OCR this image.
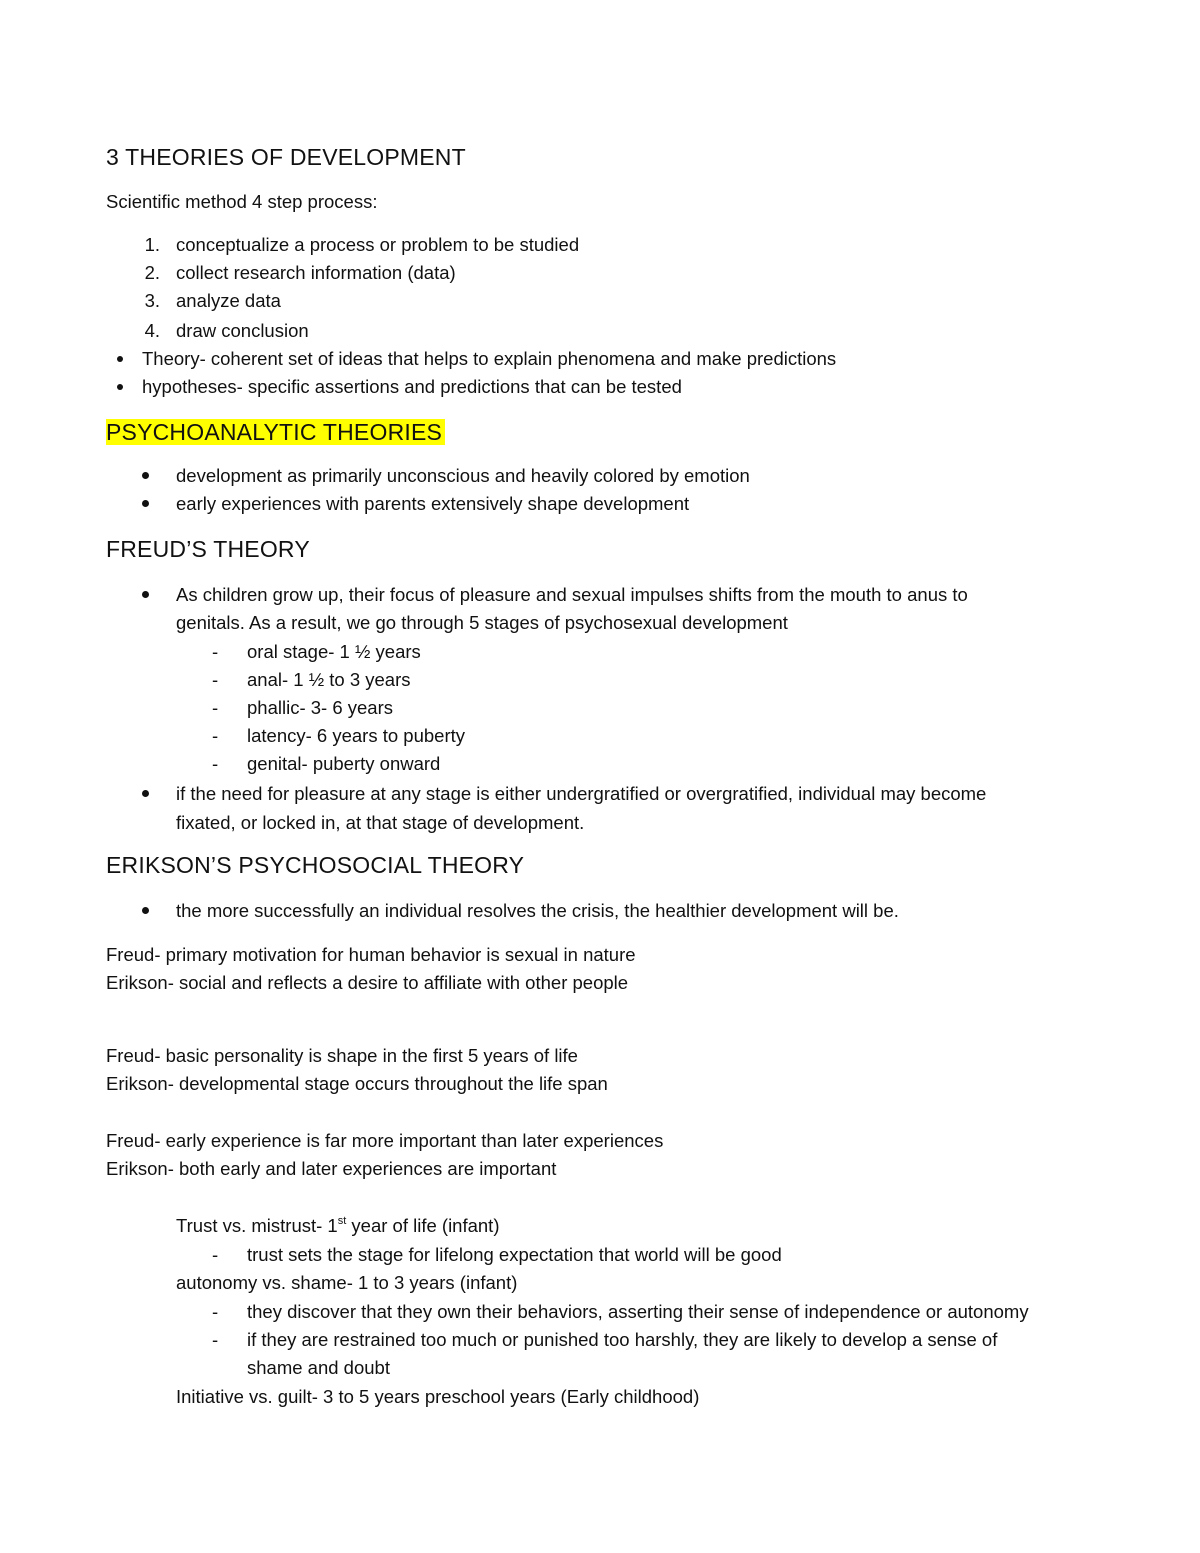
3 THEORIES OF DEVELOPMENT
Scientific method 4 step process:
1. conceptualize a process or problem to be studied
2. collect research information (data)
3. analyze data
4. draw conclusion
Theory- coherent set of ideas that helps to explain phenomena and make predictions
hypotheses- specific assertions and predictions that can be tested
PSYCHOANALYTIC THEORIES
development as primarily unconscious and heavily colored by emotion
early experiences with parents extensively shape development
FREUD’S THEORY
As children grow up, their focus of pleasure and sexual impulses shifts from the mouth to anus to
genitals. As a result, we go through 5 stages of psychosexual development
- oral stage- 1 ½ years
- anal- 1 ½ to 3 years
- phallic- 3- 6 years
- latency- 6 years to puberty
- genital- puberty onward
if the need for pleasure at any stage is either undergratified or overgratified, individual may become
fixated, or locked in, at that stage of development.
ERIKSON’S PSYCHOSOCIAL THEORY
the more successfully an individual resolves the crisis, the healthier development will be.
Freud- primary motivation for human behavior is sexual in nature
Erikson- social and reflects a desire to affiliate with other people
Freud- basic personality is shape in the first 5 years of life
Erikson- developmental stage occurs throughout the life span
Freud- early experience is far more important than later experiences
Erikson- both early and later experiences are important
Trust vs. mistrust- 1st year of life (infant)
- trust sets the stage for lifelong expectation that world will be good
autonomy vs. shame- 1 to 3 years (infant)
- they discover that they own their behaviors, asserting their sense of independence or autonomy
- if they are restrained too much or punished too harshly, they are likely to develop a sense of
shame and doubt
Initiative vs. guilt- 3 to 5 years preschool years (Early childhood)
